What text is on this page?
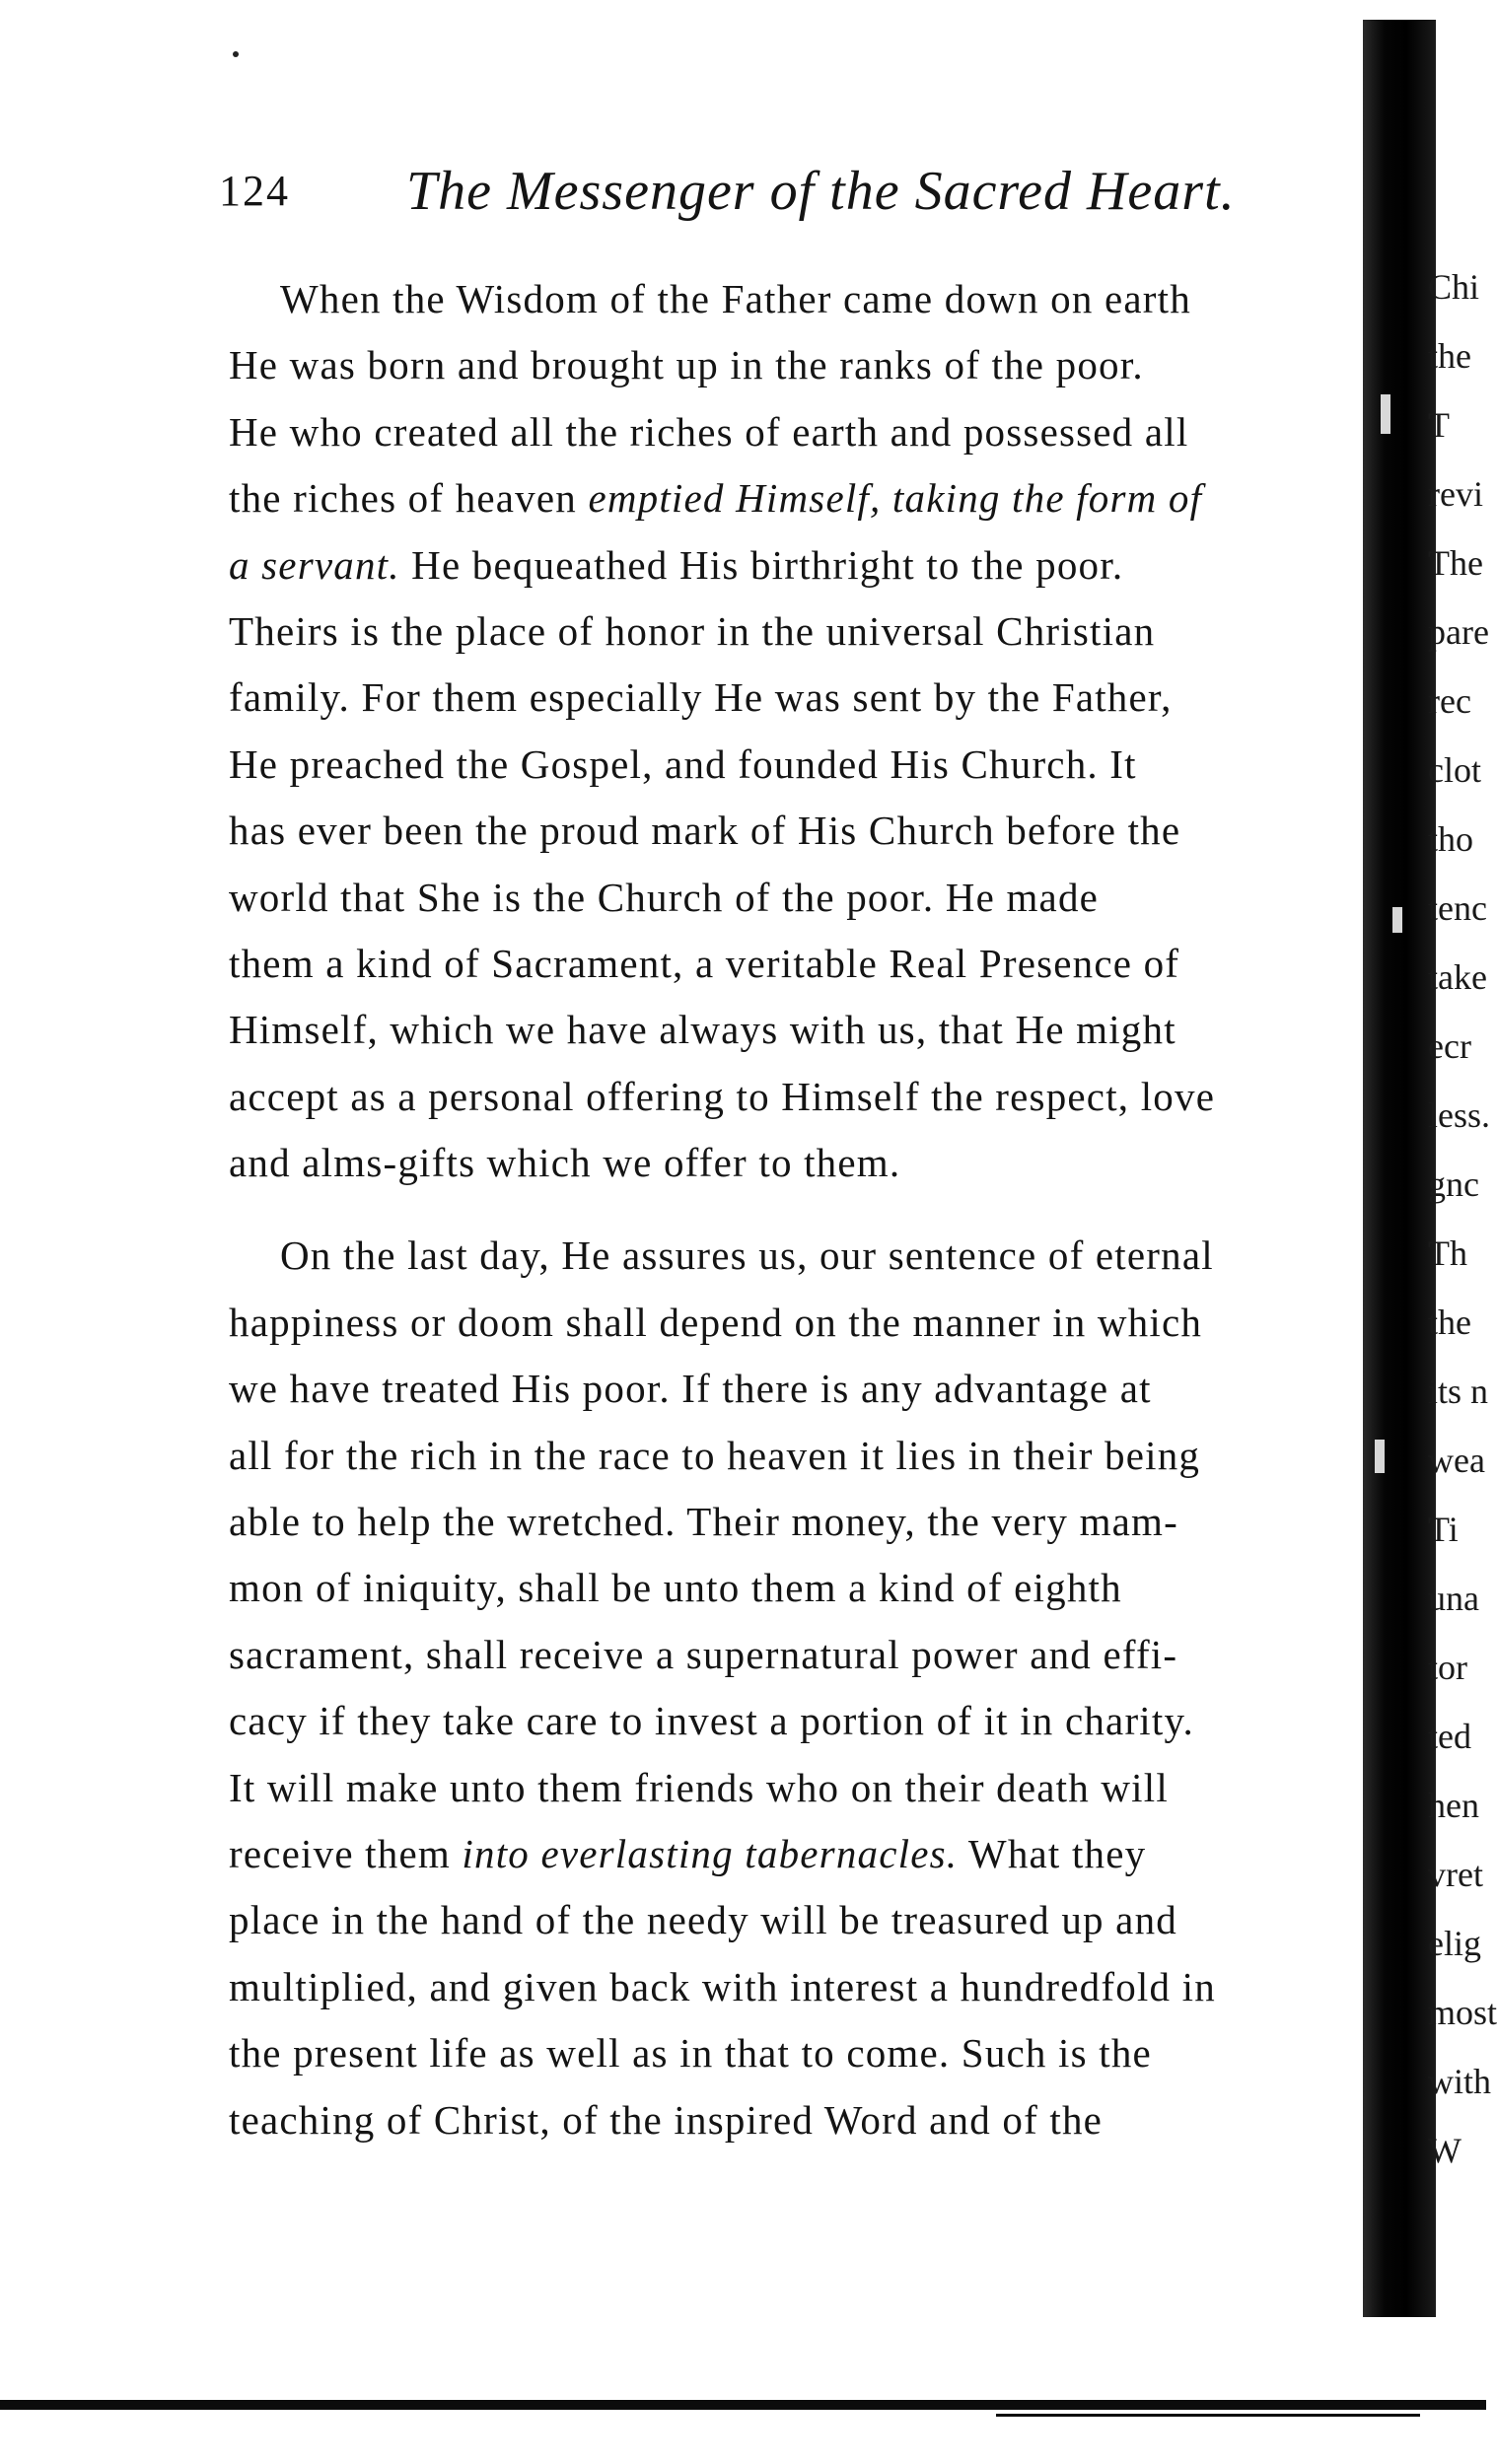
124 The Messenger of the Sacred Heart.

When the Wisdom of the Father came down on earth
He was born and brought up in the ranks of the poor.
He who created all the riches of earth and possessed all
the riches of heaven emptied Himself, taking the form of
a servant. He bequeathed His birthright to the poor.
Theirs is the place of honor in the universal Christian
family. For them especially He was sent by the Father,
He preached the Gospel, and founded His Church. It
has ever been the proud mark of His Church before the
world that She is the Church of the poor. He made
them a kind of Sacrament, a veritable Real Presence of
Himself, which we have always with us, that He might
accept as a personal offering to Himself the respect, love
and alms-gifts which we offer to them.

On the last day, He assures us, our sentence of eternal
happiness or doom shall depend on the manner in which
we have treated His poor. If there is any advantage at
all for the rich in the race to heaven it lies in their being
able to help the wretched. Their money, the very mam-
mon of iniquity, shall be unto them a kind of eighth
sacrament, shall receive a supernatural power and effi-
cacy if they take care to invest a portion of it in charity.
It will make unto them friends who on their death will
receive them into everlasting tabernacles. What they
place in the hand of the needy will be treasured up and
multiplied, and given back with interest a hundredfold in
the present life as well as in that to come. Such is the
teaching of Christ, of the inspired Word and of the

Chi
the
T
revi
The
pare
rec
clot
tho
tenc
take
ecr
less.
gnc
Th
the
its n
wea
Ti
una
tor
ted
hen
vret
elig
most
with
W
